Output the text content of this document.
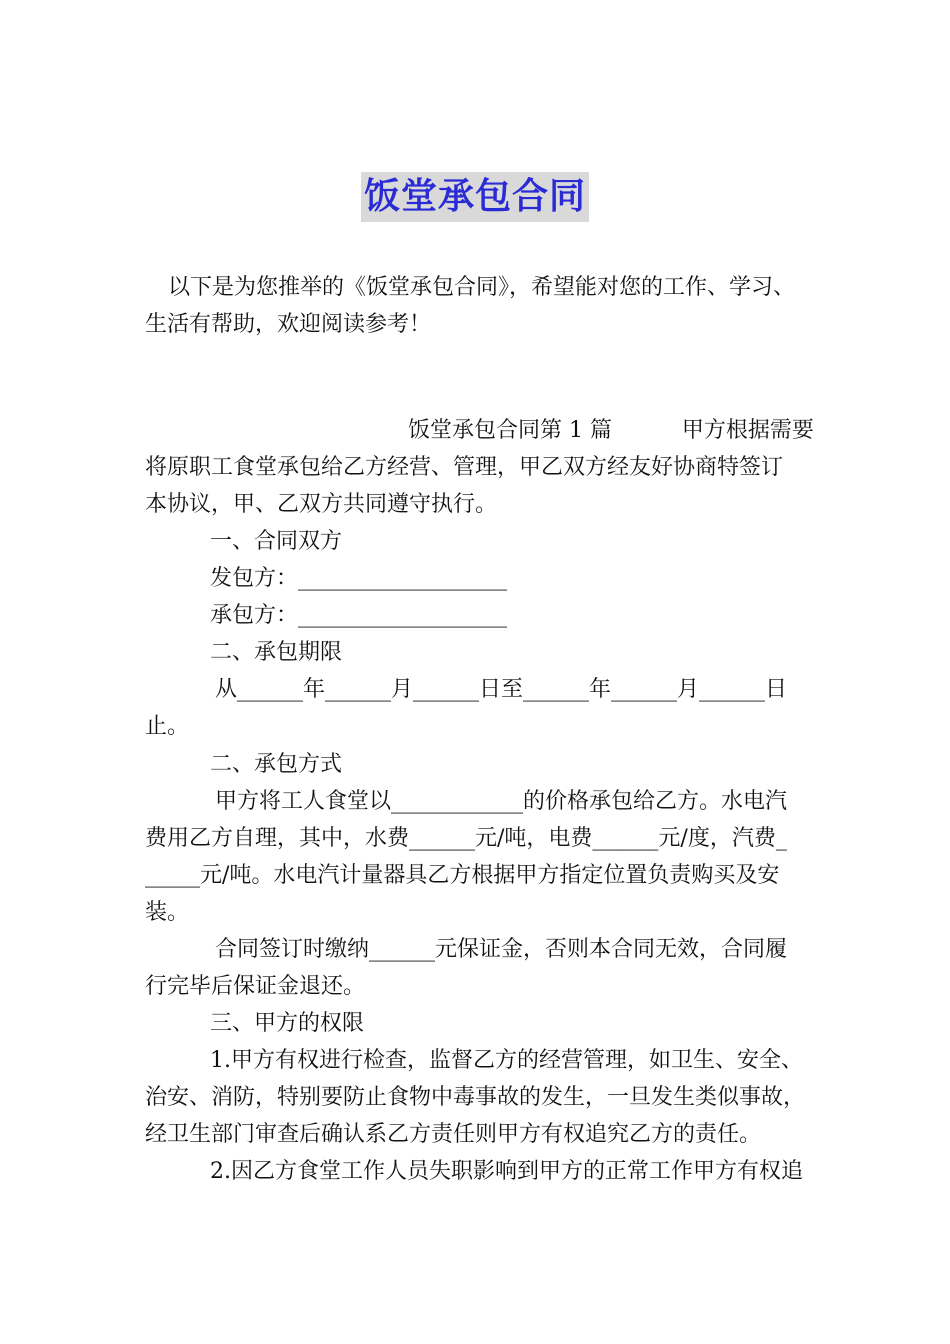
饭堂承包合同
以下是为您推举的《饭堂承包合同》，希望能对您的工作、学习、
生活有帮助，欢迎阅读参考！
饭堂承包合同第 1 篇          甲方根据需要
将原职工食堂承包给乙方经营、管理，甲乙双方经友好协商特签订
本协议，甲、乙双方共同遵守执行。
一、合同双方
发包方：___________________
承包方：___________________
二、承包期限
从______年______月______日至______年______月______日
止。
二、承包方式
甲方将工人食堂以____________的价格承包给乙方。水电汽
费用乙方自理，其中，水费______元/吨，电费______元/度，汽费_
_____元/吨。水电汽计量器具乙方根据甲方指定位置负责购买及安
装。
合同签订时缴纳______元保证金，否则本合同无效，合同履
行完毕后保证金退还。
三、甲方的权限
1.甲方有权进行检查，监督乙方的经营管理，如卫生、安全、
治安、消防，特别要防止食物中毒事故的发生，一旦发生类似事故，
经卫生部门审查后确认系乙方责任则甲方有权追究乙方的责任。
2.因乙方食堂工作人员失职影响到甲方的正常工作甲方有权追
